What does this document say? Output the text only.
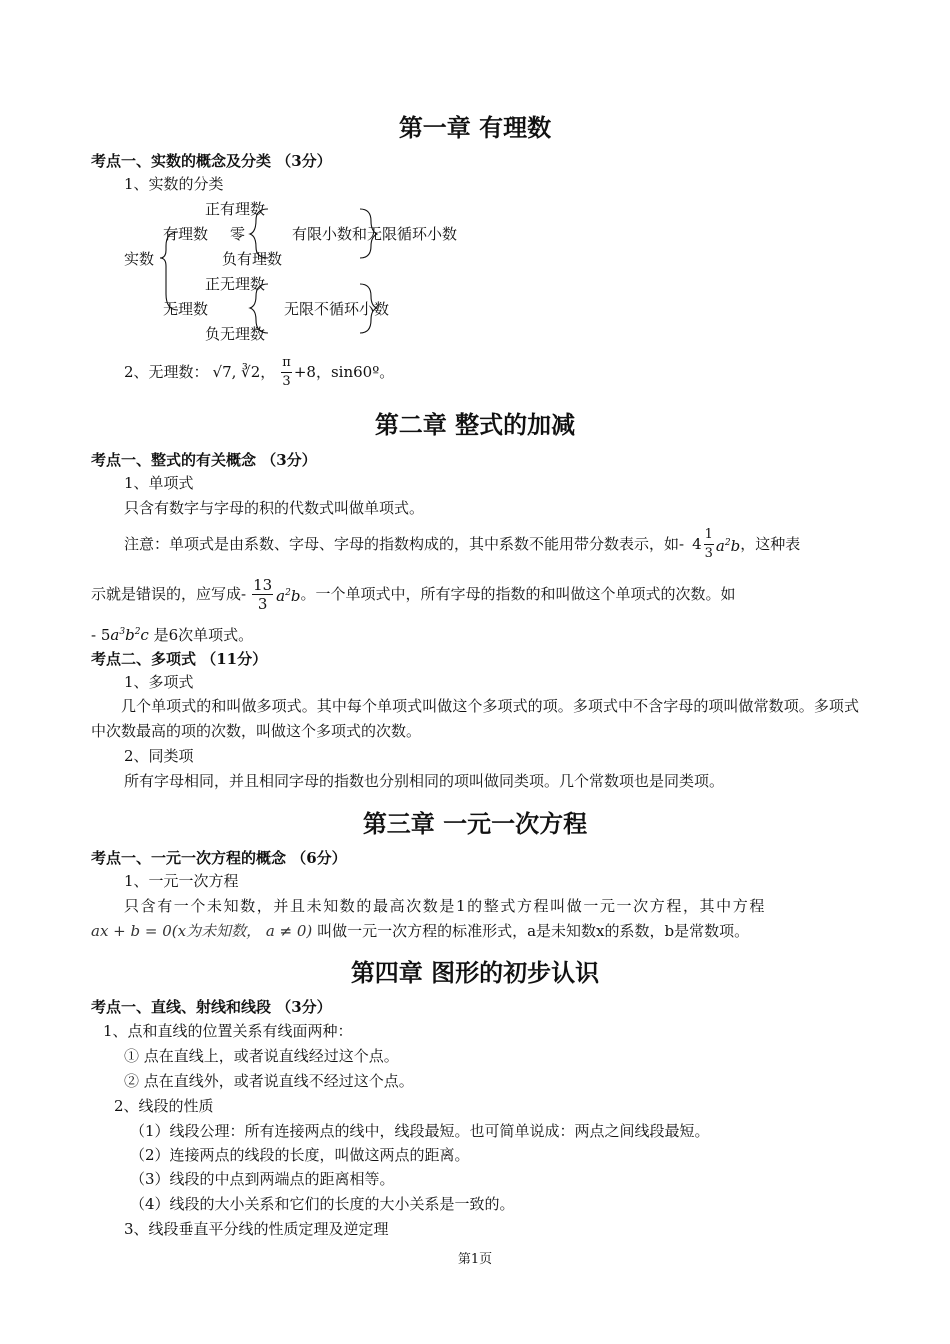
第一章 有理数
考点一、实数的概念及分类 （3分）
1、实数的分类
正有理数
有理数 零	有限小数和无限循环小数
实数	负有理数
正无理数
无理数	无限不循环小数
负无理数
2、无理数： √7, ∛2， $\frac{\pi}{3} +8$，sin60º。
第二章 整式的加减
考点一、整式的有关概念 （3分）
1、单项式
只含有数字与字母的积的代数式叫做单项式。
注意：单项式是由系数、字母、字母的指数构成的，其中系数不能用带分数表示，如- $4 \frac{1}{3} a^2b$ ，这种表
示就是错误的，应写成- $\frac{13}{3} a^2b$ 。一个单项式中，所有字母的指数的和叫做这个单项式的次数。如
- $5a^3b^2c$ 是6次单项式。
考点二、多项式 （11分）
1、多项式
几个单项式的和叫做多项式。其中每个单项式叫做这个多项式的项。多项式中不含字母的项叫做常数项。多项式中次数最高的项的次数，叫做这个多项式的次数。
2、同类项
所有字母相同，并且相同字母的指数也分别相同的项叫做同类项。几个常数项也是同类项。
第三章 一元一次方程
考点一、一元一次方程的概念 （6分）
1、一元一次方程
只含有一个未知数，并且未知数的最高次数是1的整式方程叫做一元一次方程，其中方程
ax + b = 0(x为未知数， a ≠ 0) 叫做一元一次方程的标准形式，a是未知数x的系数，b是常数项。
第四章 图形的初步认识
考点一、直线、射线和线段 （3分）
1、点和直线的位置关系有线面两种：
① 点在直线上，或者说直线经过这个点。
② 点在直线外，或者说直线不经过这个点。
2、线段的性质
（1）线段公理：所有连接两点的线中，线段最短。也可简单说成：两点之间线段最短。
（2）连接两点的线段的长度，叫做这两点的距离。
（3）线段的中点到两端点的距离相等。
（4）线段的大小关系和它们的长度的大小关系是一致的。
3、线段垂直平分线的性质定理及逆定理
第1页
